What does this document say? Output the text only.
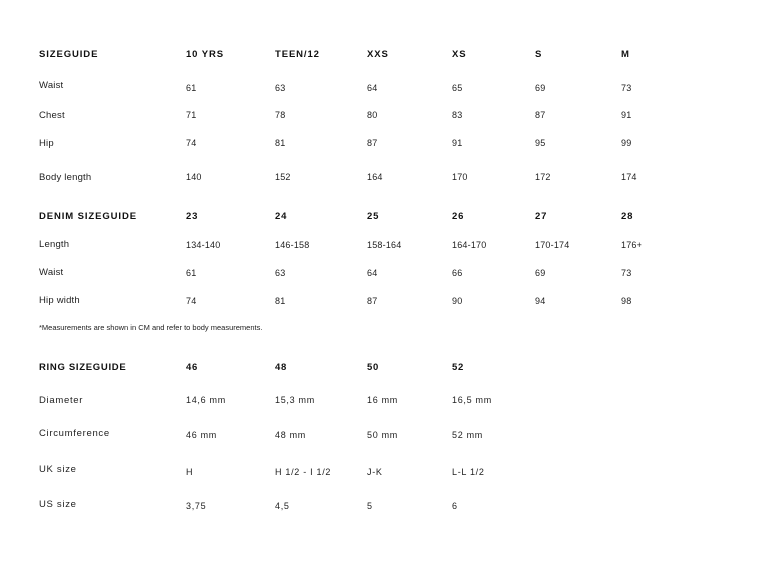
SIZEGUIDE	10 YRS	TEEN/12	XXS	XS	S	M
Waist	61	63	64	65	69	73
Chest	71	78	80	83	87	91
Hip	74	81	87	91	95	99
Body length	140	152	164	170	172	174
DENIM SIZEGUIDE	23	24	25	26	27	28
Length	134-140	146-158	158-164	164-170	170-174	176+
Waist	61	63	64	66	69	73
Hip width	74	81	87	90	94	98
*Measurements are shown in CM and refer to body measurements.
RING SIZEGUIDE	46	48	50	52
Diameter	14,6 mm	15,3 mm	16 mm	16,5 mm
Circumference	46 mm	48 mm	50 mm	52 mm
UK size	H	H 1/2 - I 1/2	J-K	L-L 1/2
US size	3,75	4,5	5	6
